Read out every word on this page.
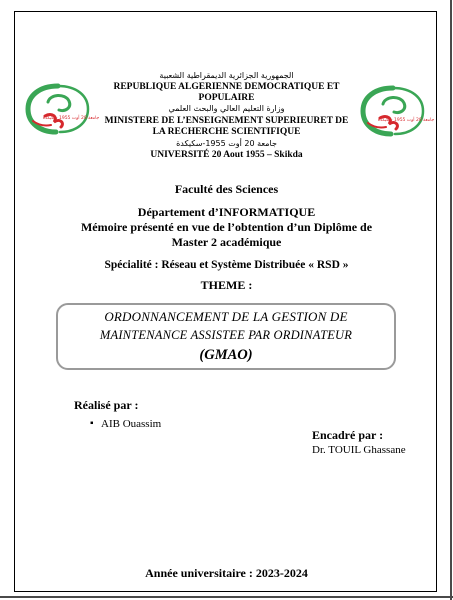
جامعة 20 أوت 1955 سكيكدة	جامعة 20 أوت 1955 سكيكدة
الجمهورية الجزائرية الديمقراطية الشعبية
REPUBLIQUE ALGERIENNE DEMOCRATIQUE ET
POPULAIRE
وزارة التعليم العالي والبحث العلمي
MINISTERE DE L’ENSEIGNEMENT SUPERIEURET DE
LA RECHERCHE SCIENTIFIQUE
جامعة 20 أوت 1955-سكيكدة
UNIVERSITÉ 20 Aout 1955 – Skikda
Faculté des Sciences
Département d’INFORMATIQUE
Mémoire présenté en vue de l’obtention d’un Diplôme de
Master 2 académique
Spécialité : Réseau et Système Distribuée « RSD »
THEME :
ORDONNANCEMENT DE LA GESTION DE
MAINTENANCE ASSISTEE PAR ORDINATEUR
(GMAO)
Réalisé par :
▪ AIB Ouassim
Encadré par :
Dr. TOUIL Ghassane
Année universitaire : 2023-2024
